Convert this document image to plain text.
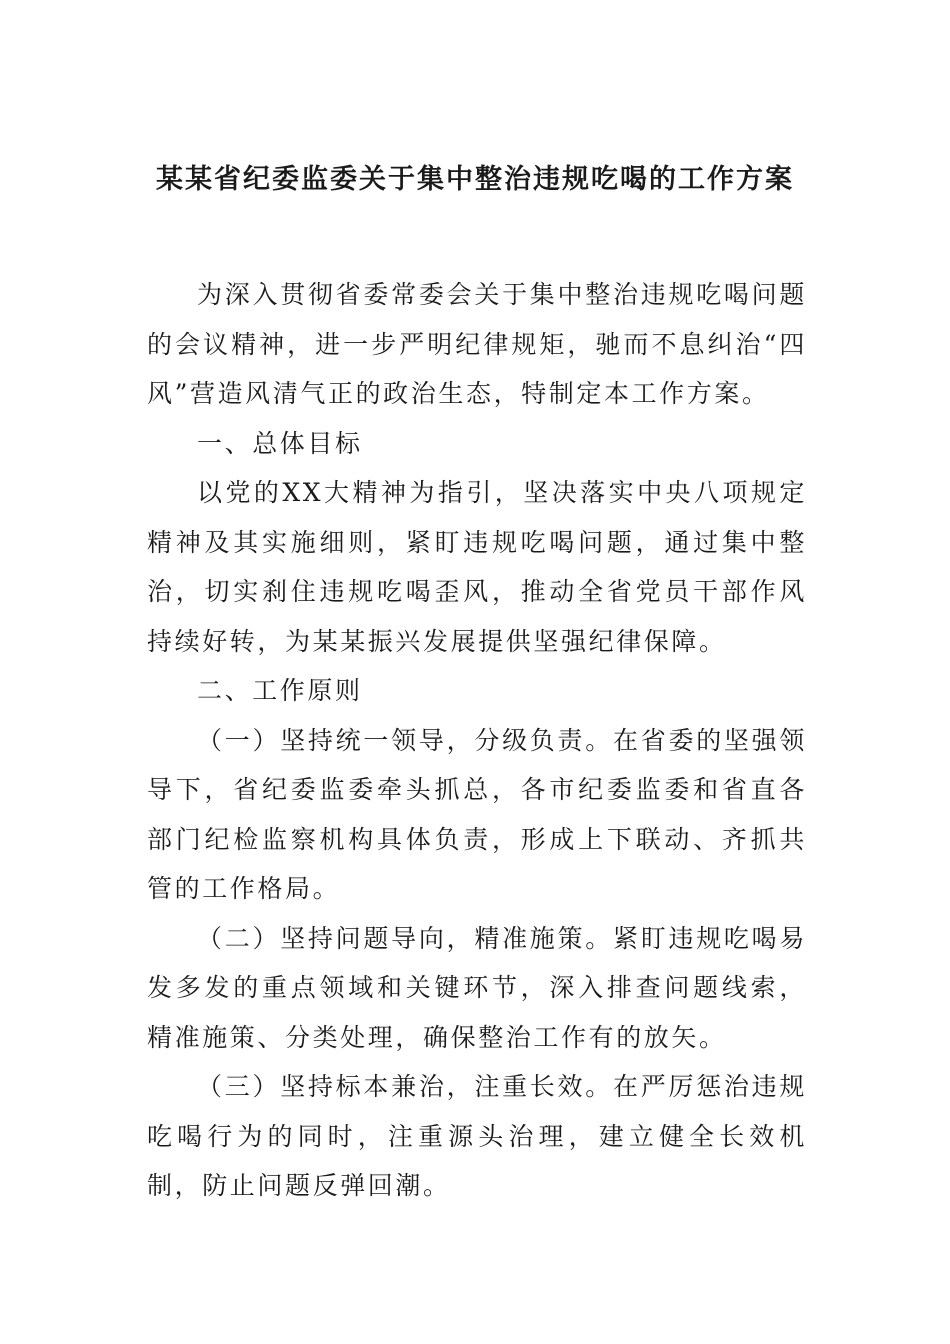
某某省纪委监委关于集中整治违规吃喝的工作方案

为深入贯彻省委常委会关于集中整治违规吃喝问题的会议精神，进一步严明纪律规矩，驰而不息纠治“四风”营造风清气正的政治生态，特制定本工作方案。

一、总体目标

以党的XX大精神为指引，坚决落实中央八项规定精神及其实施细则，紧盯违规吃喝问题，通过集中整治，切实刹住违规吃喝歪风，推动全省党员干部作风持续好转，为某某振兴发展提供坚强纪律保障。

二、工作原则

（一）坚持统一领导，分级负责。在省委的坚强领导下，省纪委监委牵头抓总，各市纪委监委和省直各部门纪检监察机构具体负责，形成上下联动、齐抓共管的工作格局。

（二）坚持问题导向，精准施策。紧盯违规吃喝易发多发的重点领域和关键环节，深入排查问题线索，精准施策、分类处理，确保整治工作有的放矢。

（三）坚持标本兼治，注重长效。在严厉惩治违规吃喝行为的同时，注重源头治理，建立健全长效机制，防止问题反弹回潮。
